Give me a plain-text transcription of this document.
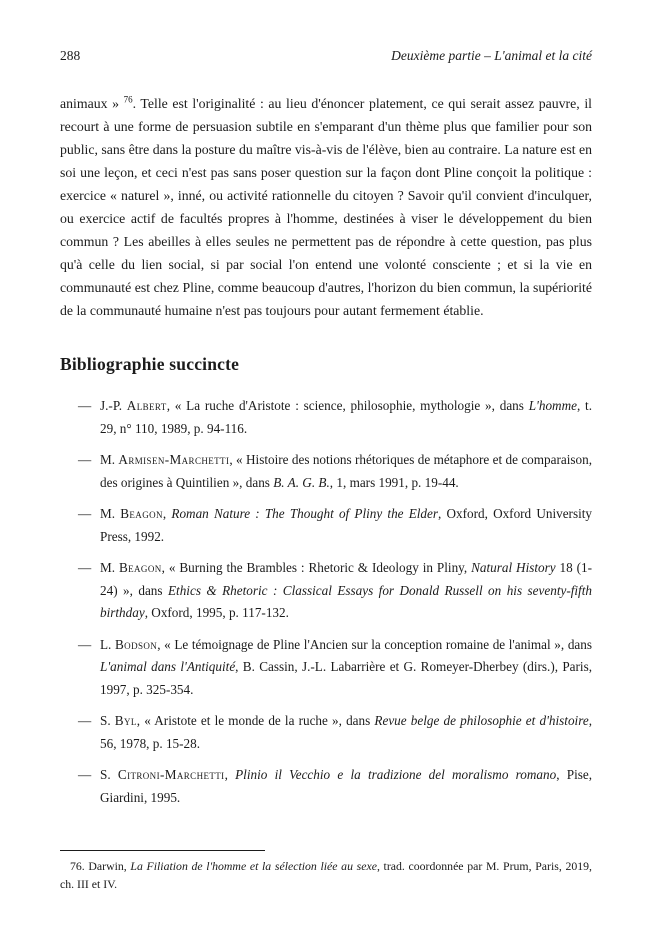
288	Deuxième partie – L'animal et la cité

animaux » $^{76}$. Telle est l'originalité : au lieu d'énoncer platement, ce qui serait assez pauvre, il recourt à une forme de persuasion subtile en s'emparant d'un thème plus que familier pour son public, sans être dans la posture du maître vis-à-vis de l'élève, bien au contraire. La nature est en soi une leçon, et ceci n'est pas sans poser question sur la façon dont Pline conçoit la politique : exercice « naturel », inné, ou activité rationnelle du citoyen ? Savoir qu'il convient d'inculquer, ou exercice actif de facultés propres à l'homme, destinées à viser le développement du bien commun ? Les abeilles à elles seules ne permettent pas de répondre à cette question, pas plus qu'à celle du lien social, si par social l'on entend une volonté consciente ; et si la vie en communauté est chez Pline, comme beaucoup d'autres, l'horizon du bien commun, la supériorité de la communauté humaine n'est pas toujours pour autant fermement établie.

Bibliographie succincte
— J.-P. Albert, « La ruche d'Aristote : science, philosophie, mythologie », dans L'homme, t. 29, n° 110, 1989, p. 94-116.
— M. Armisen-Marchetti, « Histoire des notions rhétoriques de métaphore et de comparaison, des origines à Quintilien », dans B. A. G. B., 1, mars 1991, p. 19-44.
— M. Beagon, Roman Nature : The Thought of Pliny the Elder, Oxford, Oxford University Press, 1992.
— M. Beagon, « Burning the Brambles : Rhetoric & Ideology in Pliny, Natural History 18 (1-24) », dans Ethics & Rhetoric : Classical Essays for Donald Russell on his seventy-fifth birthday, Oxford, 1995, p. 117-132.
— L. Bodson, « Le témoignage de Pline l'Ancien sur la conception romaine de l'animal », dans L'animal dans l'Antiquité, B. Cassin, J.-L. Labarrière et G. Romeyer-Dherbey (dirs.), Paris, 1997, p. 325-354.
— S. Byl, « Aristote et le monde de la ruche », dans Revue belge de philosophie et d'histoire, 56, 1978, p. 15-28.
— S. Citroni-Marchetti, Plinio il Vecchio e la tradizione del moralismo romano, Pise, Giardini, 1995.

76. Darwin, La Filiation de l'homme et la sélection liée au sexe, trad. coordonnée par M. Prum, Paris, 2019, ch. III et IV.
